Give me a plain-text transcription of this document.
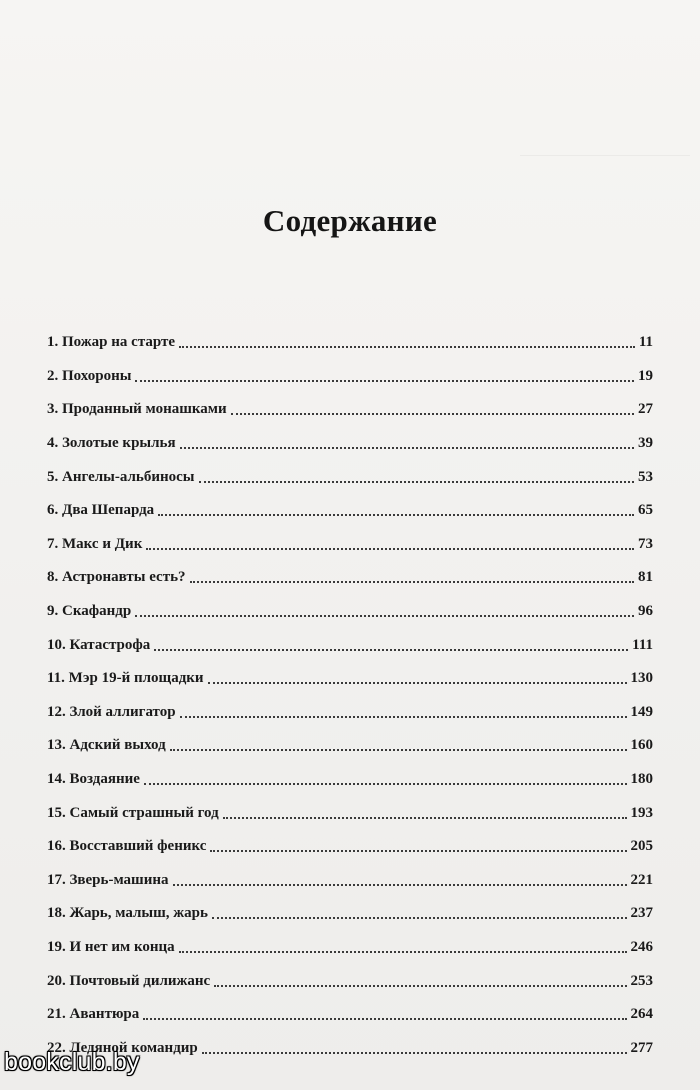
Содержание
1. Пожар на старте	11
2. Похороны	19
3. Проданный монашками	27
4. Золотые крылья	39
5. Ангелы-альбиносы	53
6. Два Шепарда	65
7. Макс и Дик	73
8. Астронавты есть?	81
9. Скафандр	96
10. Катастрофа	111
11. Мэр 19-й площадки	130
12. Злой аллигатор	149
13. Адский выход	160
14. Воздаяние	180
15. Самый страшный год	193
16. Восставший феникс	205
17. Зверь-машина	221
18. Жарь, малыш, жарь	237
19. И нет им конца	246
20. Почтовый дилижанс	253
21. Авантюра	264
22. Ледяной командир	277
bookclub.by
